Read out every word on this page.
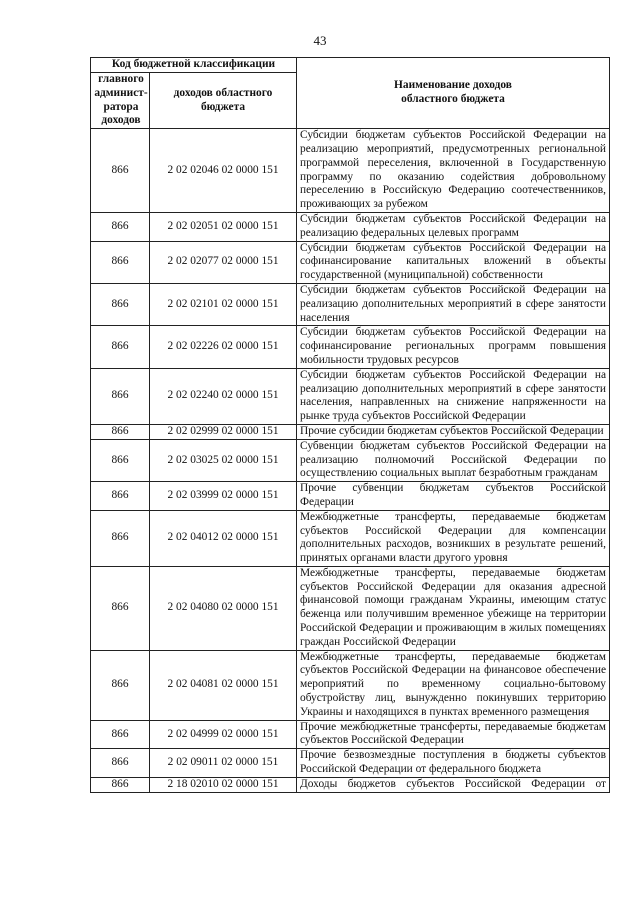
43
Код бюджетной классификации		Наименование доходов областного бюджета

главного админист-ратора доходов	доходов областного бюджета	

866	2 02 02046 02 0000 151	Субсидии бюджетам субъектов Российской Федерации на реализацию мероприятий, предусмотренных региональной программой переселения, включенной в Государственную программу по оказанию содействия добровольному переселению в Российскую Федерацию соотечественников, проживающих за рубежом
866	2 02 02051 02 0000 151	Субсидии бюджетам субъектов Российской Федерации на реализацию федеральных целевых программ
866	2 02 02077 02 0000 151	Субсидии бюджетам субъектов Российской Федерации на софинансирование капитальных вложений в объекты государственной (муниципальной) собственности
866	2 02 02101 02 0000 151	Субсидии бюджетам субъектов Российской Федерации на реализацию дополнительных мероприятий в сфере занятости населения
866	2 02 02226 02 0000 151	Субсидии бюджетам субъектов Российской Федерации на софинансирование региональных программ повышения мобильности трудовых ресурсов
866	2 02 02240 02 0000 151	Субсидии бюджетам субъектов Российской Федерации на реализацию дополнительных мероприятий в сфере занятости населения, направленных на снижение напряженности на рынке труда субъектов Российской Федерации
866	2 02 02999 02 0000 151	Прочие субсидии бюджетам субъектов Российской Федерации
866	2 02 03025 02 0000 151	Субвенции бюджетам субъектов Российской Федерации на реализацию полномочий Российской Федерации по осуществлению социальных выплат безработным гражданам
866	2 02 03999 02 0000 151	Прочие субвенции бюджетам субъектов Российской Федерации
866	2 02 04012 02 0000 151	Межбюджетные трансферты, передаваемые бюджетам субъектов Российской Федерации для компенсации дополнительных расходов, возникших в результате решений, принятых органами власти другого уровня
866	2 02 04080 02 0000 151	Межбюджетные трансферты, передаваемые бюджетам субъектов Российской Федерации для оказания адресной финансовой помощи гражданам Украины, имеющим статус беженца или получившим временное убежище на территории Российской Федерации и проживающим в жилых помещениях граждан Российской Федерации
866	2 02 04081 02 0000 151	Межбюджетные трансферты, передаваемые бюджетам субъектов Российской Федерации на финансовое обеспечение мероприятий по временному социально-бытовому обустройству лиц, вынужденно покинувших территорию Украины и находящихся в пунктах временного размещения
866	2 02 04999 02 0000 151	Прочие межбюджетные трансферты, передаваемые бюджетам субъектов Российской Федерации
866	2 02 09011 02 0000 151	Прочие безвозмездные поступления в бюджеты субъектов Российской Федерации от федерального бюджета
866	2 18 02010 02 0000 151	Доходы бюджетов субъектов Российской Федерации от
